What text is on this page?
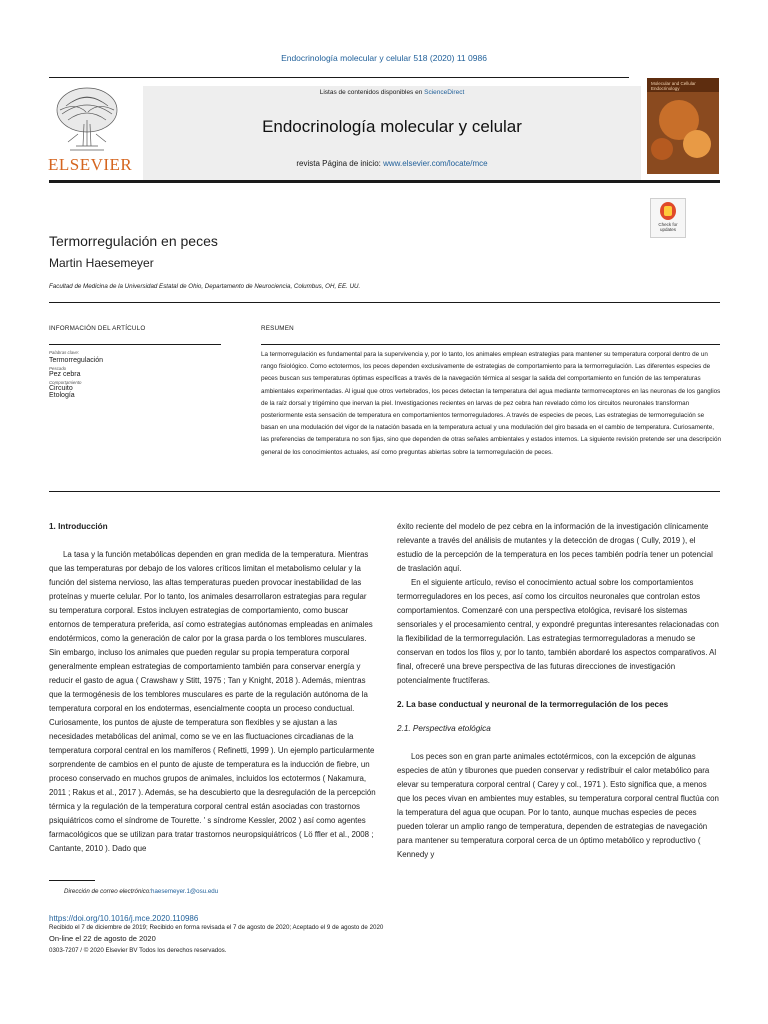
Endocrinología molecular y celular 518 (2020) 11 0986
ELSEVIER
Listas de contenidos disponibles en ScienceDirect
Endocrinología molecular y celular
revista Página de inicio: www.elsevier.com/locate/mce
Molecular and Cellular Endocrinology
Check for updates
Termorregulación en peces
Martin Haesemeyer
Facultad de Medicina de la Universidad Estatal de Ohio, Departamento de Neurociencia, Columbus, OH, EE. UU.
INFORMACIÓN DEL ARTÍCULO
Palabras clave:
Termorregulación
Pescado
Pez cebra
Comportamiento
Circuito
Etología
RESUMEN
La termorregulación es fundamental para la supervivencia y, por lo tanto, los animales emplean estrategias para mantener su temperatura corporal dentro de un rango fisiológico. Como ectotermos, los peces dependen exclusivamente de estrategias de comportamiento para la termorregulación. Las diferentes especies de peces buscan sus temperaturas óptimas específicas a través de la navegación térmica al sesgar la salida del comportamiento en función de las temperaturas ambientales experimentadas. Al igual que otros vertebrados, los peces detectan la temperatura del agua mediante termorreceptores en las neuronas de los ganglios de la raíz dorsal y trigémino que inervan la piel. Investigaciones recientes en larvas de pez cebra han revelado cómo los circuitos neuronales transforman posteriormente esta sensación de temperatura en comportamientos termorreguladores. A través de especies de peces, Las estrategias de termorregulación se basan en una modulación del vigor de la natación basada en la temperatura actual y una modulación del giro basada en el cambio de temperatura. Curiosamente, las preferencias de temperatura no son fijas, sino que dependen de otras señales ambientales y estados internos. La siguiente revisión pretende ser una descripción general de los conocimientos actuales, así como preguntas abiertas sobre la termorregulación de peces.

1. Introducción

La tasa y la función metabólicas dependen en gran medida de la temperatura. Mientras que las temperaturas por debajo de los valores críticos limitan el metabolismo celular y la función del sistema nervioso, las altas temperaturas pueden provocar inestabilidad de las proteínas y muerte celular. Por lo tanto, los animales desarrollaron estrategias para regular su temperatura corporal. Estos incluyen estrategias de comportamiento, como buscar entornos de temperatura preferida, así como estrategias autónomas empleadas en animales endotérmicos, como la generación de calor por la grasa parda o los temblores musculares. Sin embargo, incluso los animales que pueden regular su propia temperatura corporal generalmente emplean estrategias de comportamiento también para conservar energía y reducir el gasto de agua ( Crawshaw y Stitt, 1975 ; Tan y Knight, 2018 ). Además, mientras que la termogénesis de los temblores musculares es parte de la regulación autónoma de la temperatura corporal en los endotermas, esencialmente coopta un proceso conductual. Curiosamente, los puntos de ajuste de temperatura son flexibles y se ajustan a las necesidades metabólicas del animal, como se ve en las fluctuaciones circadianas de la temperatura corporal central en los mamíferos ( Refinetti, 1999 ). Un ejemplo particularmente sorprendente de cambios en el punto de ajuste de temperatura es la inducción de fiebre, un proceso conservado en muchos grupos de animales, incluidos los ectotermos ( Nakamura, 2011 ; Rakus et al., 2017 ). Además, se ha descubierto que la desregulación de la percepción térmica y la regulación de la temperatura corporal central están asociadas con trastornos psiquiátricos como el síndrome de Tourette. ' s síndrome Kessler, 2002 ) así como agentes farmacológicos que se utilizan para tratar trastornos neuropsiquiátricos ( Lö ffler et al., 2008 ; Cantante, 2010 ). Dado que

éxito reciente del modelo de pez cebra en la información de la investigación clínicamente relevante a través del análisis de mutantes y la detección de drogas ( Cully, 2019 ), el estudio de la percepción de la temperatura en los peces también podría tener un potencial de traslación aquí.

En el siguiente artículo, reviso el conocimiento actual sobre los comportamientos termorreguladores en los peces, así como los circuitos neuronales que controlan estos comportamientos. Comenzaré con una perspectiva etológica, revisaré los sistemas sensoriales y el procesamiento central, y expondré preguntas interesantes relacionadas con la flexibilidad de la termorregulación. Las estrategias termorreguladoras a menudo se conservan en todos los filos y, por lo tanto, también abordaré los aspectos comparativos. Al final, ofreceré una breve perspectiva de las futuras direcciones de investigación potencialmente fructíferas.

2. La base conductual y neuronal de la termorregulación de los peces

2.1. Perspectiva etológica

Los peces son en gran parte animales ectotérmicos, con la excepción de algunas especies de atún y tiburones que pueden conservar y redistribuir el calor metabólico para elevar su temperatura corporal central ( Carey y col., 1971 ). Esto significa que, a menos que los peces vivan en ambientes muy estables, su temperatura corporal central fluctúa con la temperatura del agua que ocupan. Por lo tanto, aunque muchas especies de peces pueden tolerar un amplio rango de temperatura, dependen de estrategias de navegación para mantener su temperatura corporal cerca de un óptimo metabólico y reproductivo ( Kennedy y

Dirección de correo electrónico:haesemeyer.1@osu.edu
https://doi.org/10.1016/j.mce.2020.110986
Recibido el 7 de diciembre de 2019; Recibido en forma revisada el 7 de agosto de 2020; Aceptado el 9 de agosto de 2020
On-line el 22 de agosto de 2020
0303-7207 / © 2020 Elsevier BV Todos los derechos reservados.
